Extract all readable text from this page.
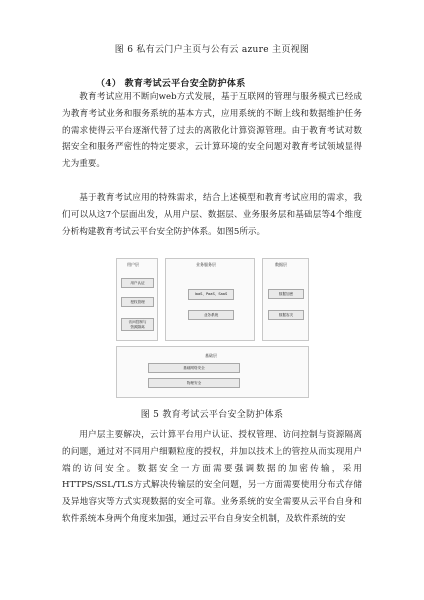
图 6 私有云门户主页与公有云 azure 主页视图
（4） 教育考试云平台安全防护体系

教育考试应用不断向web方式发展，基于互联网的管理与服务模式已经成为教育考试业务和服务系统的基本方式，应用系统的不断上线和数据维护任务的需求使得云平台逐渐代替了过去的离散化计算资源管理。由于教育考试对数据安全和服务严密性的特定要求，云计算环境的安全问题对教育考试领域显得尤为重要。

基于教育考试应用的特殊需求，结合上述模型和教育考试应用的需求，我们可以从这7个层面出发，从用户层、数据层、业务服务层和基础层等4个维度分析构建教育考试云平台安全防护体系。如图5所示。

用户层
用户认证
授权管理
访问控制与
资源隔离
业务服务层
IaaS、PaaS、SaaS
业务系统
数据层
数据加密
数据容灾
基础层
基础网络安全
物理安全
图 5 教育考试云平台安全防护体系

用户层主要解决，云计算平台用户认证、授权管理、访问控制与资源隔离的问题，通过对不同用户细颗粒度的授权，并加以技术上的管控从而实现用户端的访问安全。数据安全一方面需要强调数据的加密传输，采用HTTPS/SSL/TLS方式解决传输层的安全问题，另一方面需要使用分布式存储及异地容灾等方式实现数据的安全可靠。业务系统的安全需要从云平台自身和软件系统本身两个角度来加强，通过云平台自身安全机制，及软件系统的安
